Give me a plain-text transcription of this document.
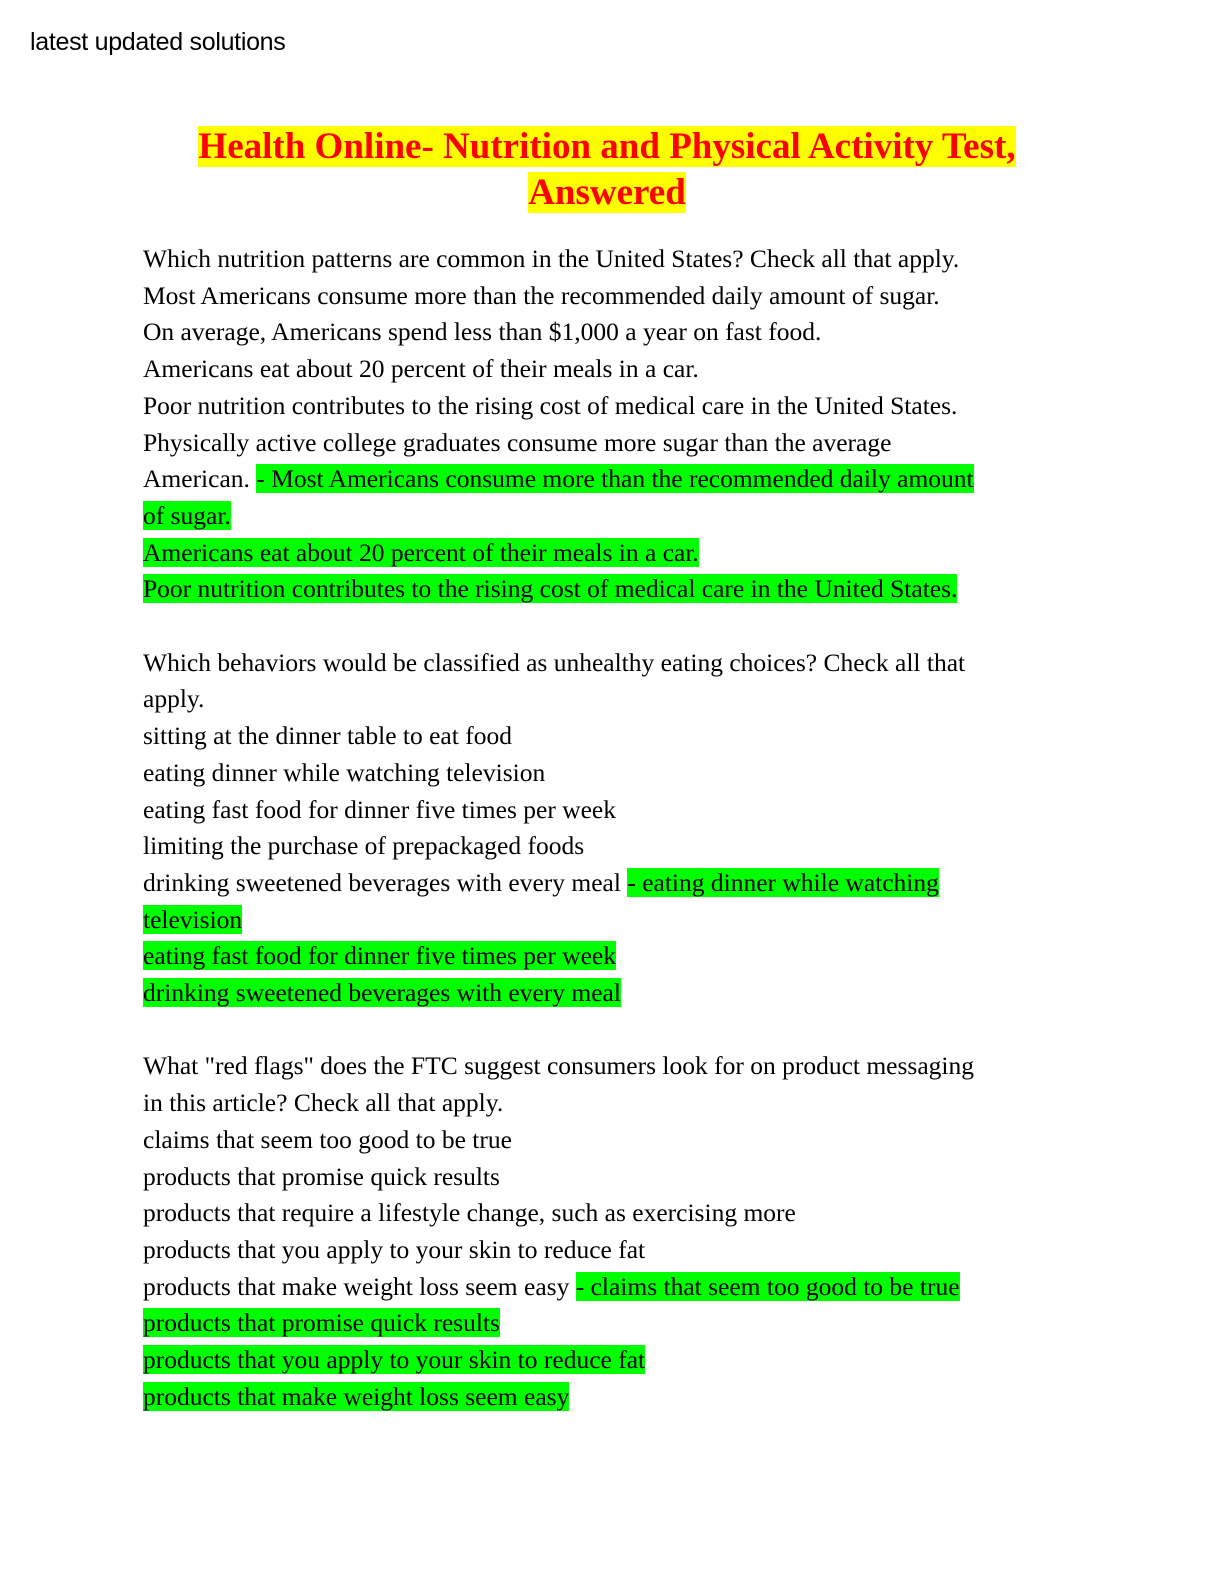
latest updated solutions
Health Online- Nutrition and Physical Activity Test,
Answered
Which nutrition patterns are common in the United States? Check all that apply.
Most Americans consume more than the recommended daily amount of sugar.
On average, Americans spend less than $1,000 a year on fast food.
Americans eat about 20 percent of their meals in a car.
Poor nutrition contributes to the rising cost of medical care in the United States.
Physically active college graduates consume more sugar than the average
American. - Most Americans consume more than the recommended daily amount
of sugar.
Americans eat about 20 percent of their meals in a car.
Poor nutrition contributes to the rising cost of medical care in the United States.
Which behaviors would be classified as unhealthy eating choices? Check all that
apply.
sitting at the dinner table to eat food
eating dinner while watching television
eating fast food for dinner five times per week
limiting the purchase of prepackaged foods
drinking sweetened beverages with every meal - eating dinner while watching
television
eating fast food for dinner five times per week
drinking sweetened beverages with every meal
What "red flags" does the FTC suggest consumers look for on product messaging
in this article? Check all that apply.
claims that seem too good to be true
products that promise quick results
products that require a lifestyle change, such as exercising more
products that you apply to your skin to reduce fat
products that make weight loss seem easy - claims that seem too good to be true
products that promise quick results
products that you apply to your skin to reduce fat
products that make weight loss seem easy
